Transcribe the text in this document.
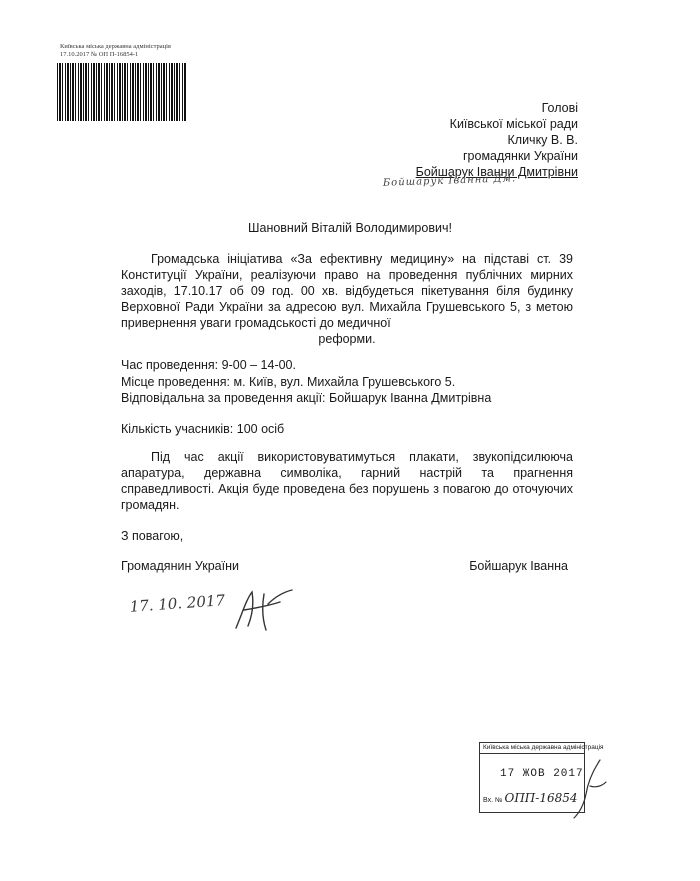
Київська міська державна адміністрація
17.10.2017 № ОП П-16854-1
Голові
Київської міської ради
Кличку В. В.
громадянки України
Бойшарук Іванни Дмитрівни
Бойшарук Іванна Дм.
Шановний Віталій Володимирович!
Громадська ініціатива «За ефективну медицину» на підставі ст. 39 Конституції України, реалізуючи право на проведення публічних мирних заходів, 17.10.17 об 09 год. 00 хв. відбудеться пікетування біля будинку Верховної Ради України за адресою вул. Михайла Грушевського 5, з метою привернення уваги громадськості до медичної
реформи.
Час проведення: 9-00 – 14-00.
Місце проведення: м. Київ, вул. Михайла Грушевського 5.
Відповідальна за проведення акції: Бойшарук Іванна Дмитрівна
Кількість учасників: 100 осіб
Під час акції використовуватимуться плакати, звукопідсилююча апаратура, державна символіка, гарний настрій та прагнення справедливості. Акція буде проведена без порушень з повагою до оточуючих громадян.
З повагою,
Громадянин України	Бойшарук Іванна
17. 10. 2017
Київська міська державна адміністрація
17 ЖОВ 2017
Вх. № ОПП-16854
